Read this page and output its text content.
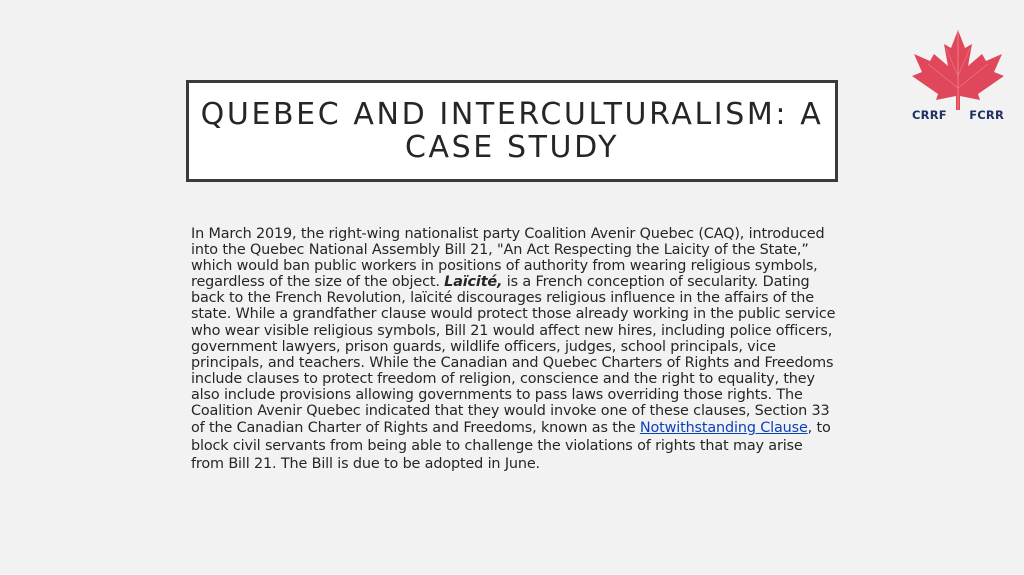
CRRF FCRR
QUEBEC AND INTERCULTURALISM: A
CASE STUDY

In March 2019, the right-wing nationalist party Coalition Avenir Quebec (CAQ), introduced into the Quebec National Assembly Bill 21, "An Act Respecting the Laicity of the State,” which would ban public workers in positions of authority from wearing religious symbols, regardless of the size of the object. Laïcité, is a French conception of secularity. Dating back to the French Revolution, laïcité discourages religious influence in the affairs of the state. While a grandfather clause would protect those already working in the public service who wear visible religious symbols, Bill 21 would affect new hires, including police officers, government lawyers, prison guards, wildlife officers, judges, school principals, vice principals, and teachers. While the Canadian and Quebec Charters of Rights and Freedoms include clauses to protect freedom of religion, conscience and the right to equality, they also include provisions allowing governments to pass laws overriding those rights. The Coalition Avenir Quebec indicated that they would invoke one of these clauses, Section 33 of the Canadian Charter of Rights and Freedoms, known as the Notwithstanding Clause, to block civil servants from being able to challenge the violations of rights that may arise from Bill 21. The Bill is due to be adopted in June.
